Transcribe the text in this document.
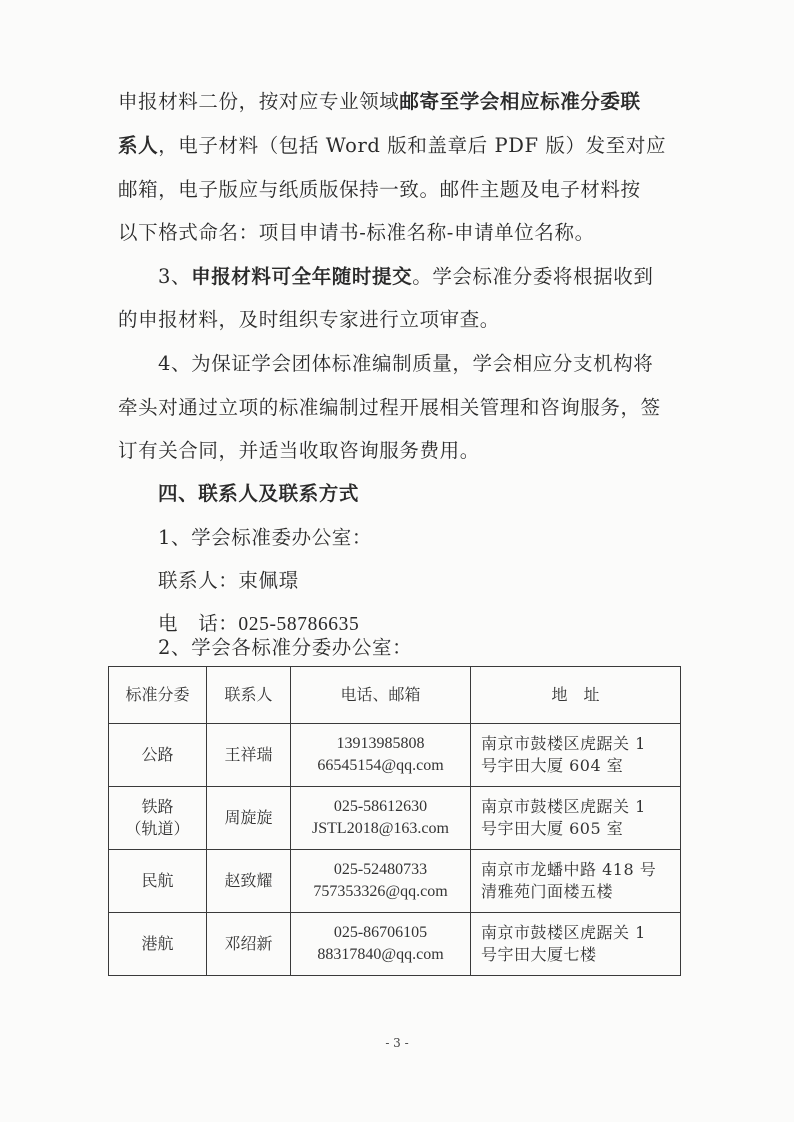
申报材料二份，按对应专业领域邮寄至学会相应标准分委联
系人，电子材料（包括 Word 版和盖章后 PDF 版）发至对应
邮箱，电子版应与纸质版保持一致。邮件主题及电子材料按
以下格式命名：项目申请书-标准名称-申请单位名称。
3、申报材料可全年随时提交。学会标准分委将根据收到
的申报材料，及时组织专家进行立项审查。
4、为保证学会团体标准编制质量，学会相应分支机构将
牵头对通过立项的标准编制过程开展相关管理和咨询服务，签
订有关合同，并适当收取咨询服务费用。
四、联系人及联系方式
1、学会标准委办公室：
联系人：束佩璟
电　话：025-58786635
2、学会各标准分委办公室：
标准分委	联系人	电话、邮箱	地　址

公路	王祥瑞	13913985808
66545154@qq.com	南京市鼓楼区虎踞关 1
号宇田大厦 604 室

铁路
（轨道）	周旋旋	025-58612630
JSTL2018@163.com	南京市鼓楼区虎踞关 1
号宇田大厦 605 室

民航	赵致耀	025-52480733
757353326@qq.com	南京市龙蟠中路 418 号
清雅苑门面楼五楼

港航	邓绍新	025-86706105
88317840@qq.com	南京市鼓楼区虎踞关 1
号宇田大厦七楼
- 3 -
